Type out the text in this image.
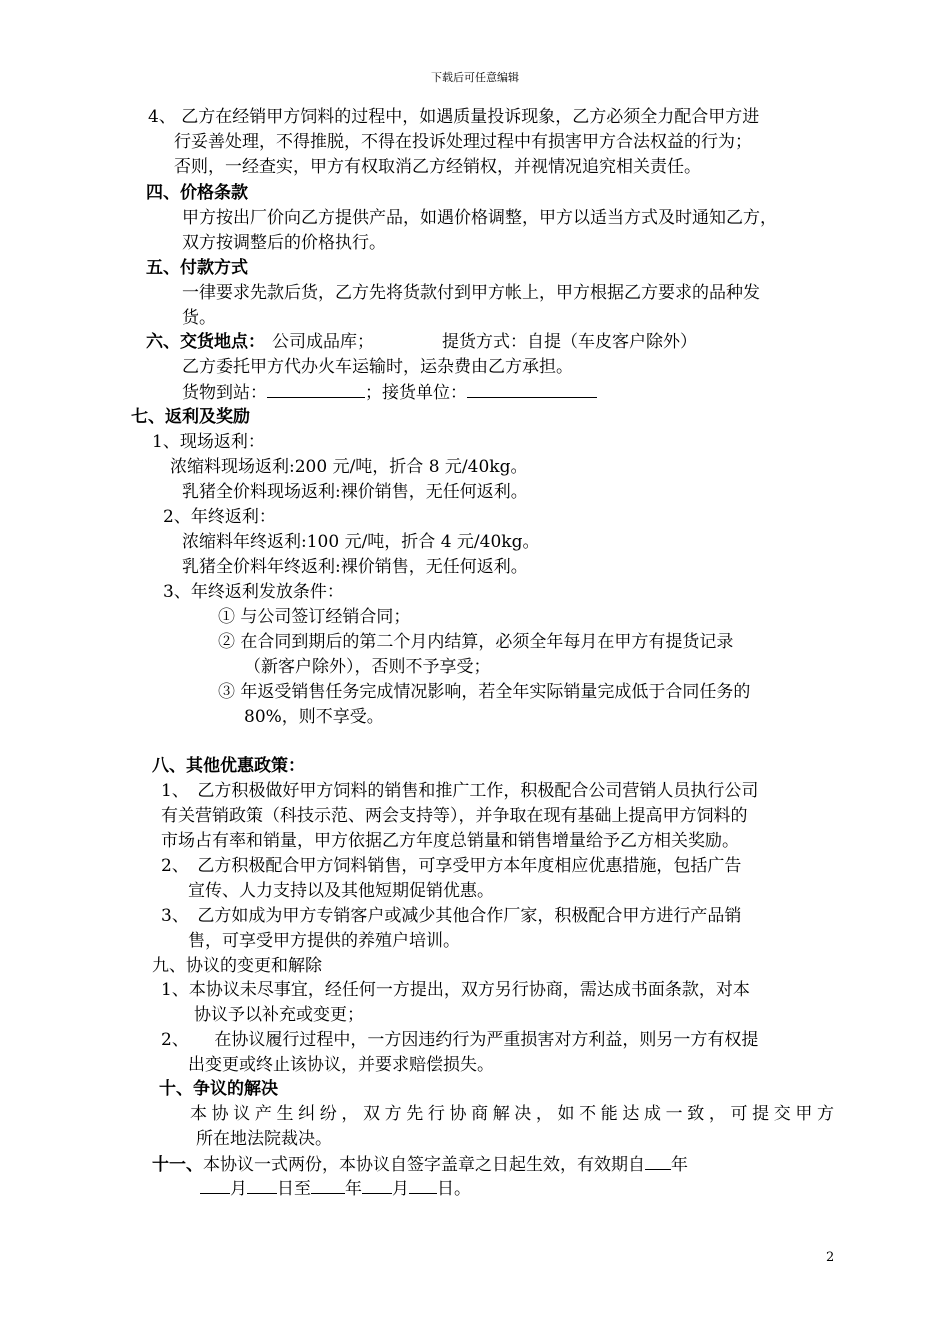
下载后可任意编辑
4、 乙方在经销甲方饲料的过程中，如遇质量投诉现象，乙方必须全力配合甲方进
行妥善处理，不得推脱，不得在投诉处理过程中有损害甲方合法权益的行为；
否则，一经查实，甲方有权取消乙方经销权，并视情况追究相关责任。
四、价格条款
甲方按出厂价向乙方提供产品，如遇价格调整，甲方以适当方式及时通知乙方，
双方按调整后的价格执行。
五、付款方式
一律要求先款后货，乙方先将货款付到甲方帐上，甲方根据乙方要求的品种发
货。
六、交货地点： 公司成品库；	提货方式：自提（车皮客户除外）
乙方委托甲方代办火车运输时，运杂费由乙方承担。
货物到站：	；接货单位：
七、返利及奖励
1、现场返利：
浓缩料现场返利:200 元/吨，折合 8 元/40kg。
乳猪全价料现场返利:裸价销售，无任何返利。
2、年终返利：
浓缩料年终返利:100 元/吨，折合 4 元/40kg。
乳猪全价料年终返利:裸价销售，无任何返利。
3、年终返利发放条件：
① 与公司签订经销合同；
② 在合同到期后的第二个月内结算，必须全年每月在甲方有提货记录
（新客户除外），否则不予享受；
③ 年返受销售任务完成情况影响，若全年实际销量完成低于合同任务的
80%，则不享受。
八、其他优惠政策：
1、　乙方积极做好甲方饲料的销售和推广工作，积极配合公司营销人员执行公司
有关营销政策（科技示范、两会支持等），并争取在现有基础上提高甲方饲料的
市场占有率和销量，甲方依据乙方年度总销量和销售增量给予乙方相关奖励。
2、　乙方积极配合甲方饲料销售，可享受甲方本年度相应优惠措施，包括广告
宣传、人力支持以及其他短期促销优惠。
3、　乙方如成为甲方专销客户或减少其他合作厂家，积极配合甲方进行产品销
售，可享受甲方提供的养殖户培训。
九、协议的变更和解除
1、本协议未尽事宜，经任何一方提出，双方另行协商，需达成书面条款，对本
协议予以补充或变更；
2、　　在协议履行过程中，一方因违约行为严重损害对方利益，则另一方有权提
出变更或终止该协议，并要求赔偿损失。
十、争议的解决
本协议产生纠纷，双方先行协商解决，如不能达成一致，可提交甲方
所在地法院裁决。
十一、本协议一式两份，本协议自签字盖章之日起生效，有效期自 年
月 日至 年 月 日。
2
